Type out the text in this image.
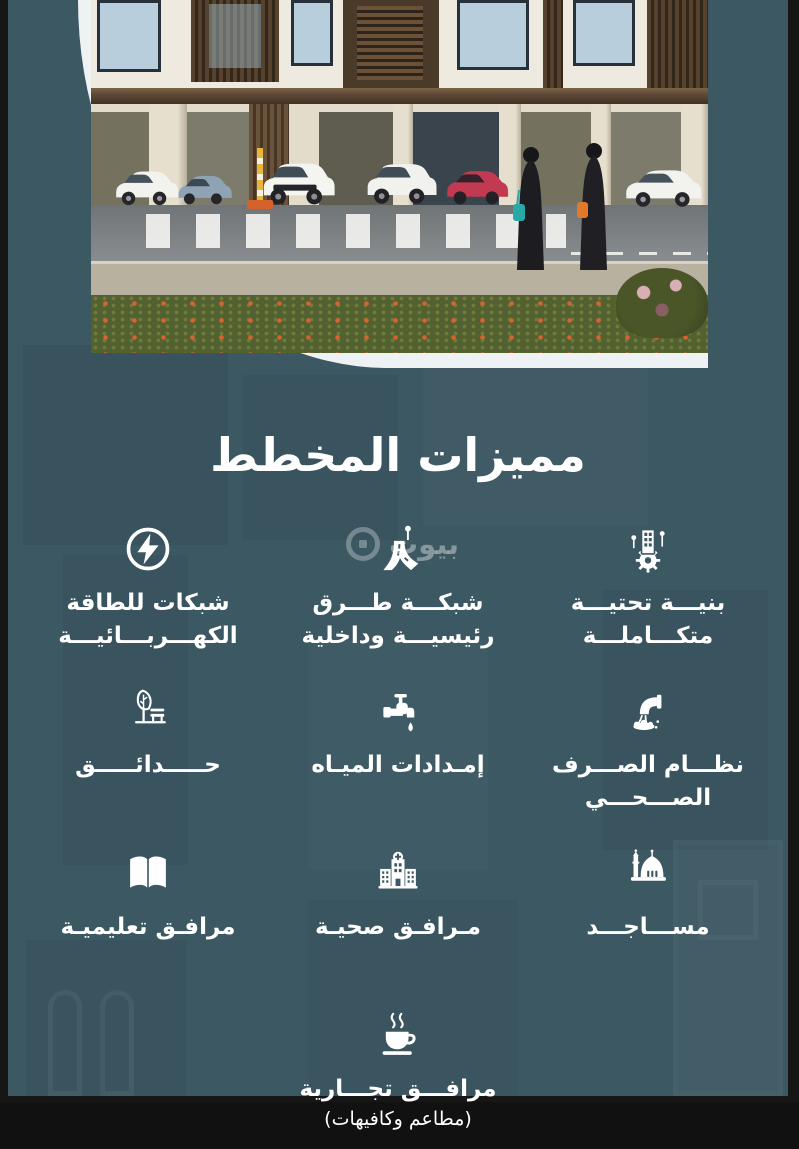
مميزات المخطط
بيوت
بنيـــة تحتيـــة
متكـــاملـــة
شبكـــة طـــرق
رئيسيـــة وداخلية
شبكات للطاقة
الكهـــربـــائيـــة
نظـــام الصـــرف
الصـــحـــي
إمـدادات الميـاه
حـــــدائـــــق
مســـاجـــد
مـرافـق صحيـة
مرافـق تعليميـة
مرافـــق تجـــارية
(مطاعم وكافيهات)
